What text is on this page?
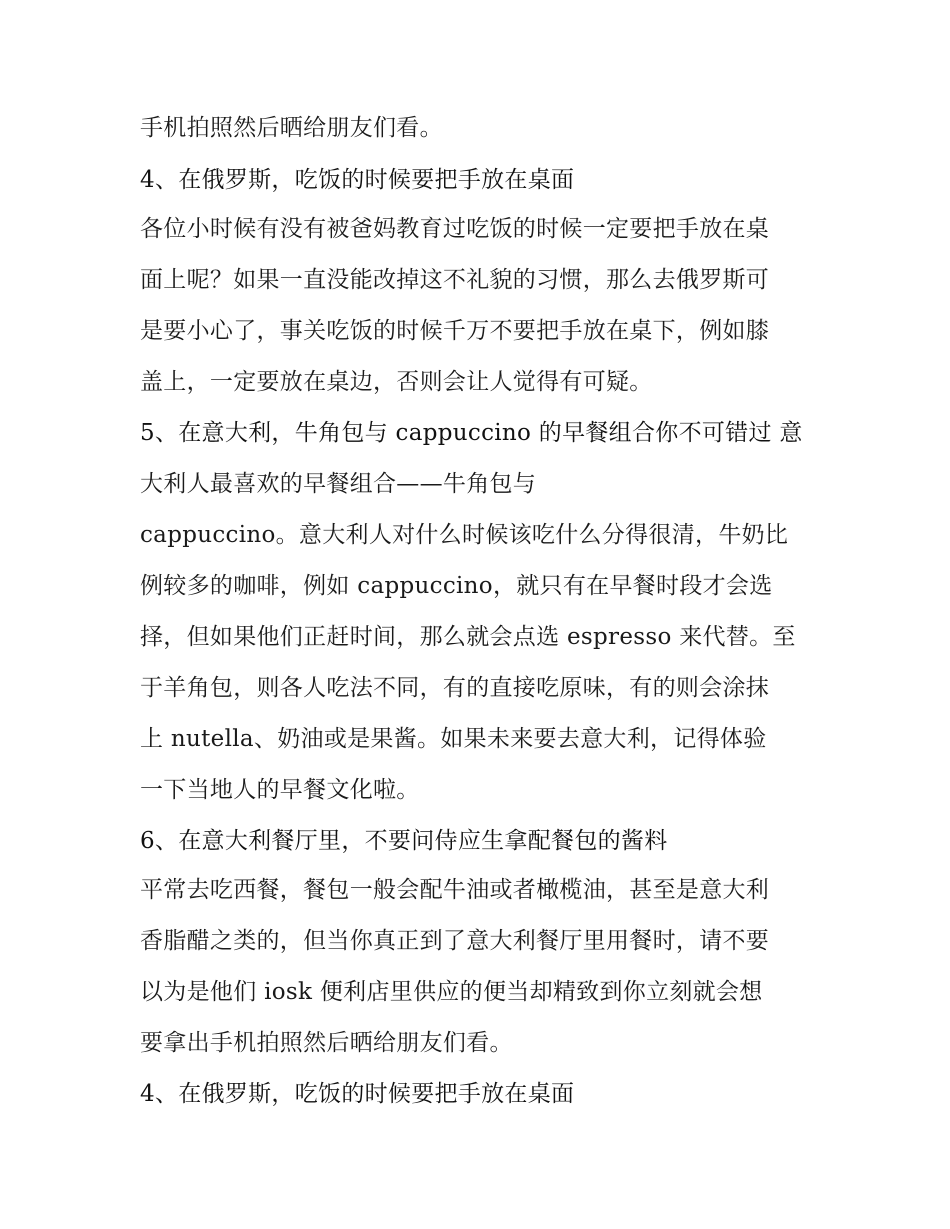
手机拍照然后晒给朋友们看。
4、在俄罗斯，吃饭的时候要把手放在桌面
各位小时候有没有被爸妈教育过吃饭的时候一定要把手放在桌
面上呢？如果一直没能改掉这不礼貌的习惯，那么去俄罗斯可
是要小心了，事关吃饭的时候千万不要把手放在桌下，例如膝
盖上，一定要放在桌边，否则会让人觉得有可疑。
5、在意大利，牛角包与 cappuccino 的早餐组合你不可错过 意
大利人最喜欢的早餐组合——牛角包与
cappuccino。意大利人对什么时候该吃什么分得很清，牛奶比
例较多的咖啡，例如 cappuccino，就只有在早餐时段才会选
择，但如果他们正赶时间，那么就会点选 espresso 来代替。至
于羊角包，则各人吃法不同，有的直接吃原味，有的则会涂抹
上 nutella、奶油或是果酱。如果未来要去意大利，记得体验
一下当地人的早餐文化啦。
6、在意大利餐厅里，不要问侍应生拿配餐包的酱料
平常去吃西餐，餐包一般会配牛油或者橄榄油，甚至是意大利
香脂醋之类的，但当你真正到了意大利餐厅里用餐时，请不要
以为是他们 iosk 便利店里供应的便当却精致到你立刻就会想
要拿出手机拍照然后晒给朋友们看。
4、在俄罗斯，吃饭的时候要把手放在桌面
